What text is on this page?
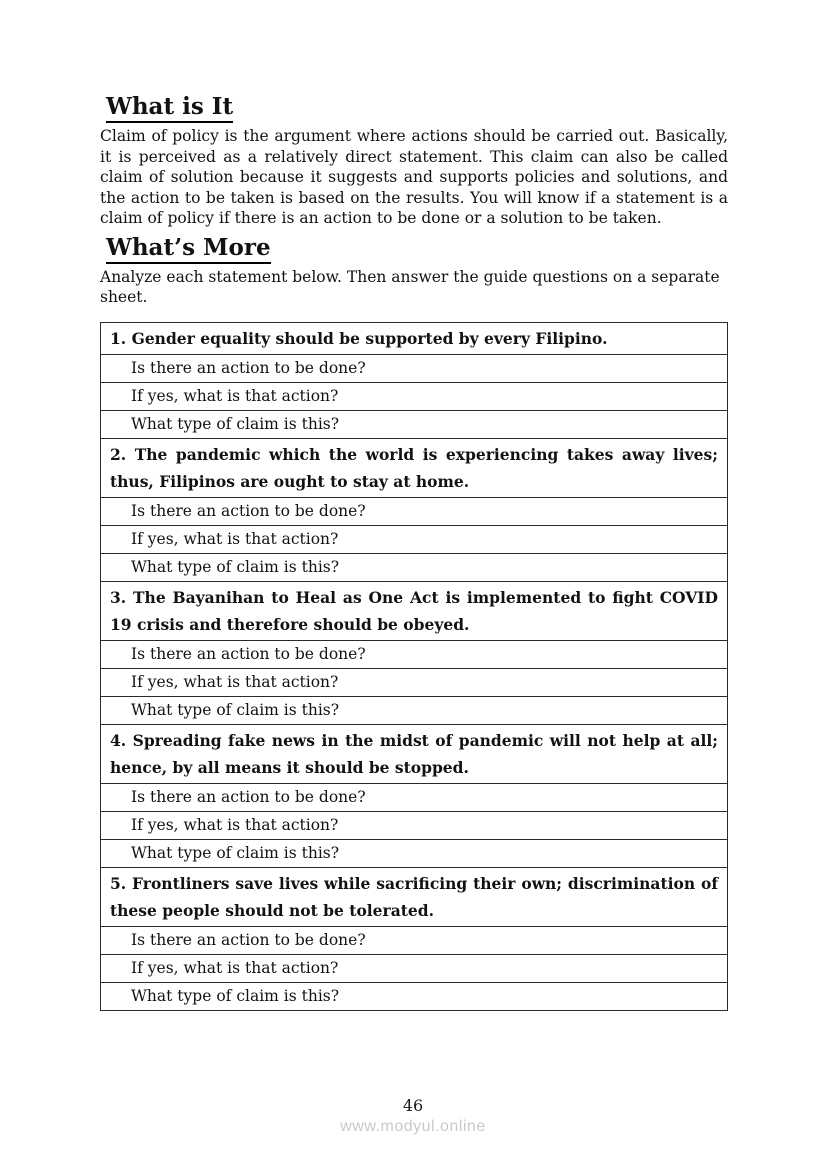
What is It

Claim of policy is the argument where actions should be carried out. Basically, it is perceived as a relatively direct statement. This claim can also be called claim of solution because it suggests and supports policies and solutions, and the action to be taken is based on the results. You will know if a statement is a claim of policy if there is an action to be done or a solution to be taken.

What’s More

Analyze each statement below. Then answer the guide questions on a separate sheet.

1. Gender equality should be supported by every Filipino.
Is there an action to be done?
If yes, what is that action?
What type of claim is this?
2. The pandemic which the world is experiencing takes away lives; thus, Filipinos are ought to stay at home.
Is there an action to be done?
If yes, what is that action?
What type of claim is this?
3. The Bayanihan to Heal as One Act is implemented to fight COVID 19 crisis and therefore should be obeyed.
Is there an action to be done?
If yes, what is that action?
What type of claim is this?
4. Spreading fake news in the midst of pandemic will not help at all; hence, by all means it should be stopped.
Is there an action to be done?
If yes, what is that action?
What type of claim is this?
5. Frontliners save lives while sacrificing their own; discrimination of these people should not be tolerated.
Is there an action to be done?
If yes, what is that action?
What type of claim is this?
46
www.modyul.online
